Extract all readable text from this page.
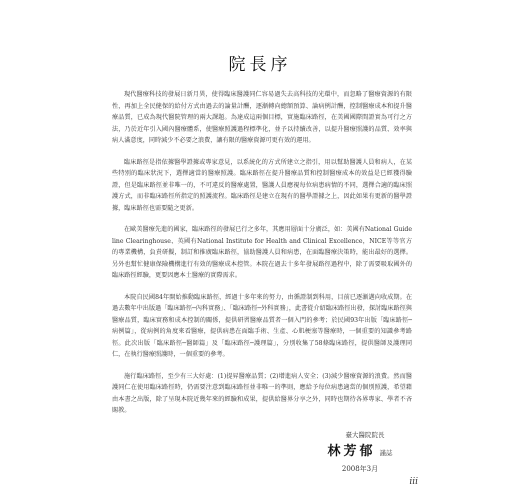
院長序

現代醫療科技的發展日新月異，使得臨床醫護同仁容易過失去高科技的光環中，而忽略了醫療資源的有限性，再加上全民健保的給付方式由過去的論量計酬，逐漸轉向總額預算、論病例計酬，控制醫療成本和提升醫療品質，已成為現代醫院管理的兩大課題。為達成這兩個目標，實施臨床路徑，在美國國際間證實為可行之方法，乃於近年引入國內醫療體系，使醫療照護過程標準化，並予以持續改善，以提升醫療照護的品質、效率與病人滿意度，同時減少不必要之浪費，讓有限的醫療資源可更有效的運用。

臨床路徑是指依據醫學證據或專家意見，以系統化的方式所建立之指引，用以幫助醫護人員和病人，在某些特別的臨床狀況下，選擇適當的醫療照護。臨床路徑在提升醫療品質和控制醫療成本的效益是已經獲得驗證，但是臨床路徑並非唯一的，不可違反的醫療處置，醫護人員應視每位病患病情的不同，選擇合適的臨床照護方式，而非臨床路徑所指定的照護流程。臨床路徑是建立在現有的醫學證據之上，因此如果有更新的醫學證據，臨床路徑也需要隨之更新。

在歐美醫療先進的國家，臨床路徑的發展已行之多年，其應用層面十分廣泛，如：美國有National Guideline Clearinghouse、英國有National Institute for Health and Clinical Excellence，NICE等等官方的專業機構，負責研擬，制訂和推廣臨床路徑，協助醫護人員和病患，在面臨醫療決策時，能出最好的選擇。另外也幫忙健康保險機構進行有效的醫療成本控管。本院在過去十多年發展路徑過程中，除了需要吸取國外的臨床路徑經驗，更要因應本土醫療的實際需求。

本院自民國84年開始推動臨床路徑，經過十多年來的努力，由循證制到科用，目前已逐漸邁向收成期。在過去數年中出版過「臨床路徑─內科實務」、「臨床路徑─外科實務」，此書從介紹臨床路徑出發，探討臨床路徑與醫療品質，臨床實務和成本控制的關係，提供研習醫療品質者一個入門的參考；於民國93年出版「臨床路徑─病例篇」，從病例的角度來看醫療，提供病患在面臨手術、生產、心肌梗塞等醫療時，一個重要的知識參考路徑。此次出版「臨床路徑─醫師篇」及「臨床路徑─護理篇」，分別收集了58條臨床路徑，提供醫師及護理同仁，在執行醫療照護時，一個重要的參考。

施行臨床路徑，至少有三大好處：(1)提昇醫療品質；(2)增進病人安全；(3)減少醫療資源的浪費。然而醫護同仁在使用臨床路徑時，仍需要注意到臨床路徑並非唯一的準則，應給予每位病患適當的個別照護，希望藉由本書之出版，除了呈現本院近幾年來的經驗和成果，提供給醫界分享之外，同時也期待各界專家、學者不吝賜教。

臺大醫院院長

林芳郁 謹誌

2008年3月

iii
